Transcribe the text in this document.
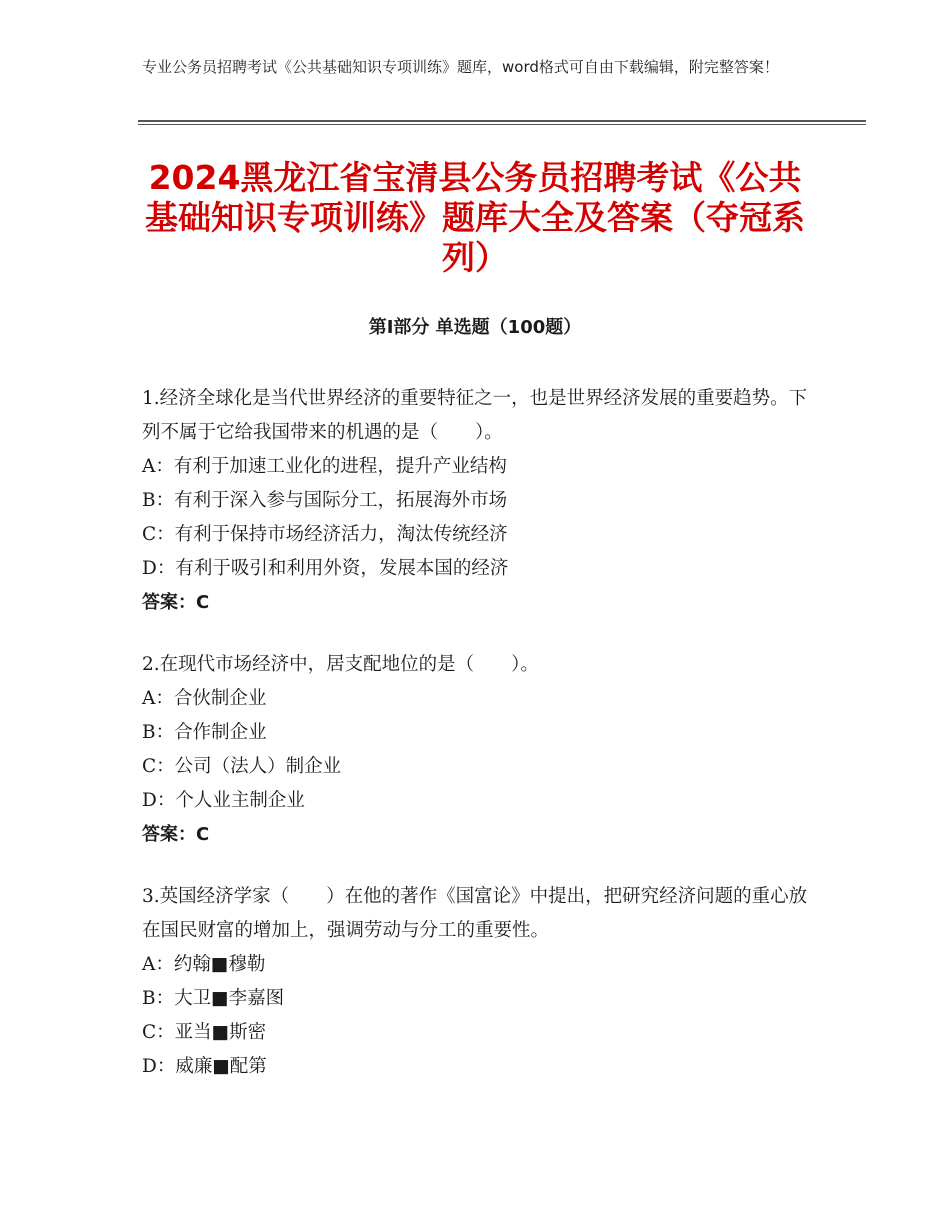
专业公务员招聘考试《公共基础知识专项训练》题库，word格式可自由下载编辑，附完整答案！
2024黑龙江省宝清县公务员招聘考试《公共基础知识专项训练》题库大全及答案（夺冠系列）
第I部分 单选题（100题）

1.经济全球化是当代世界经济的重要特征之一，也是世界经济发展的重要趋势。下列不属于它给我国带来的机遇的是（　　）。

A：有利于加速工业化的进程，提升产业结构

B：有利于深入参与国际分工，拓展海外市场

C：有利于保持市场经济活力，淘汰传统经济

D：有利于吸引和利用外资，发展本国的经济

答案：C

2.在现代市场经济中，居支配地位的是（　　）。

A：合伙制企业

B：合作制企业

C：公司（法人）制企业

D：个人业主制企业

答案：C

3.英国经济学家（　　）在他的著作《国富论》中提出，把研究经济问题的重心放在国民财富的增加上，强调劳动与分工的重要性。

A：约翰■穆勒

B：大卫■李嘉图

C：亚当■斯密

D：威廉■配第
